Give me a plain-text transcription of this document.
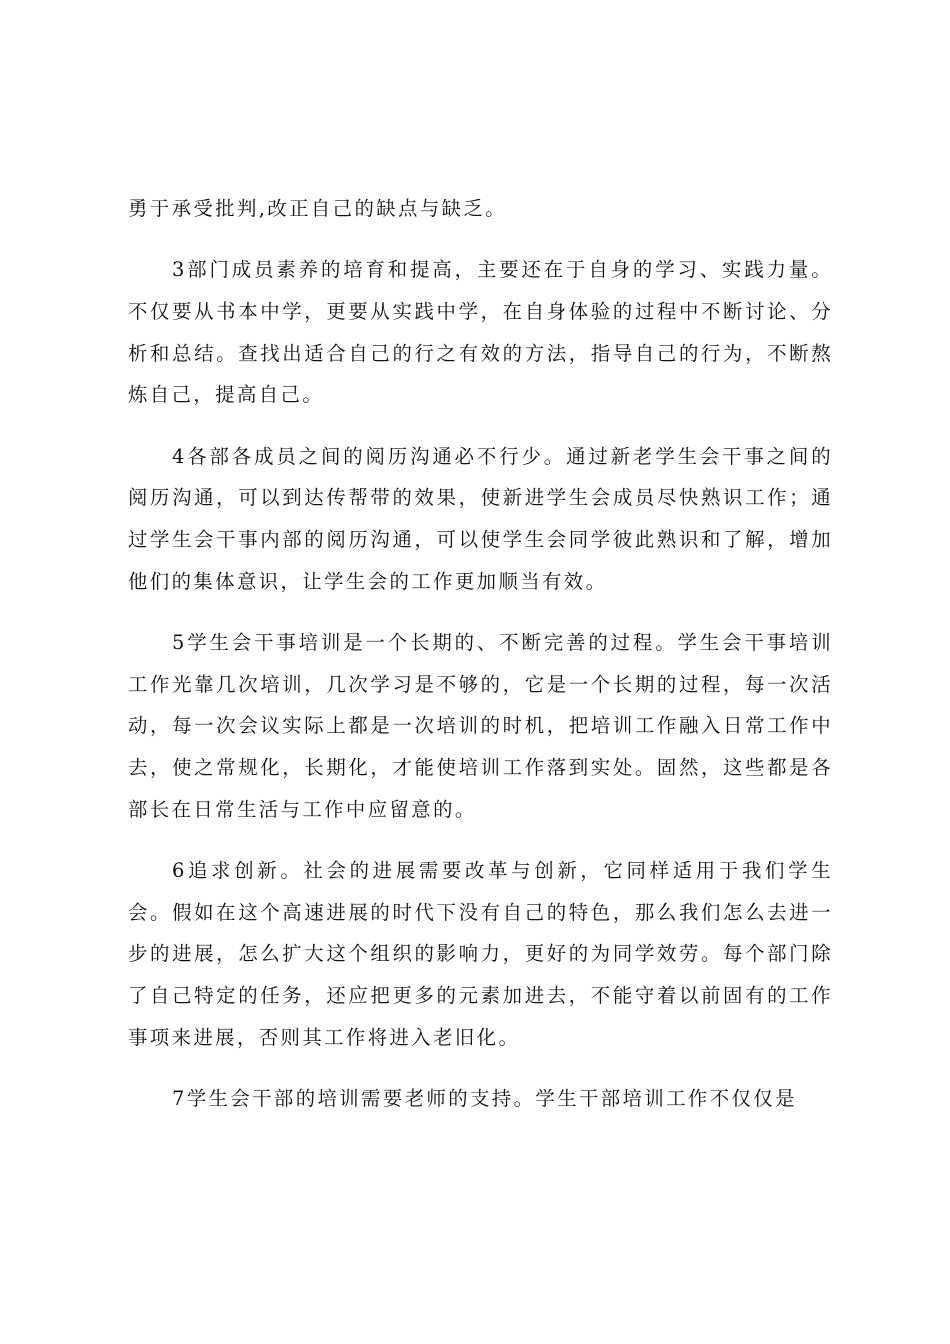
勇于承受批判,改正自己的缺点与缺乏。

3部门成员素养的培育和提高，主要还在于自身的学习、实践力量。不仅要从书本中学，更要从实践中学，在自身体验的过程中不断讨论、分析和总结。查找出适合自己的行之有效的方法，指导自己的行为，不断熬炼自己，提高自己。

4各部各成员之间的阅历沟通必不行少。通过新老学生会干事之间的阅历沟通，可以到达传帮带的效果，使新进学生会成员尽快熟识工作；通过学生会干事内部的阅历沟通，可以使学生会同学彼此熟识和了解，增加他们的集体意识，让学生会的工作更加顺当有效。

5学生会干事培训是一个长期的、不断完善的过程。学生会干事培训工作光靠几次培训，几次学习是不够的，它是一个长期的过程，每一次活动，每一次会议实际上都是一次培训的时机，把培训工作融入日常工作中去，使之常规化，长期化，才能使培训工作落到实处。固然，这些都是各部长在日常生活与工作中应留意的。

6追求创新。社会的进展需要改革与创新，它同样适用于我们学生会。假如在这个高速进展的时代下没有自己的特色，那么我们怎么去进一步的进展，怎么扩大这个组织的影响力，更好的为同学效劳。每个部门除了自己特定的任务，还应把更多的元素加进去，不能守着以前固有的工作事项来进展，否则其工作将进入老旧化。

7学生会干部的培训需要老师的支持。学生干部培训工作不仅仅是
